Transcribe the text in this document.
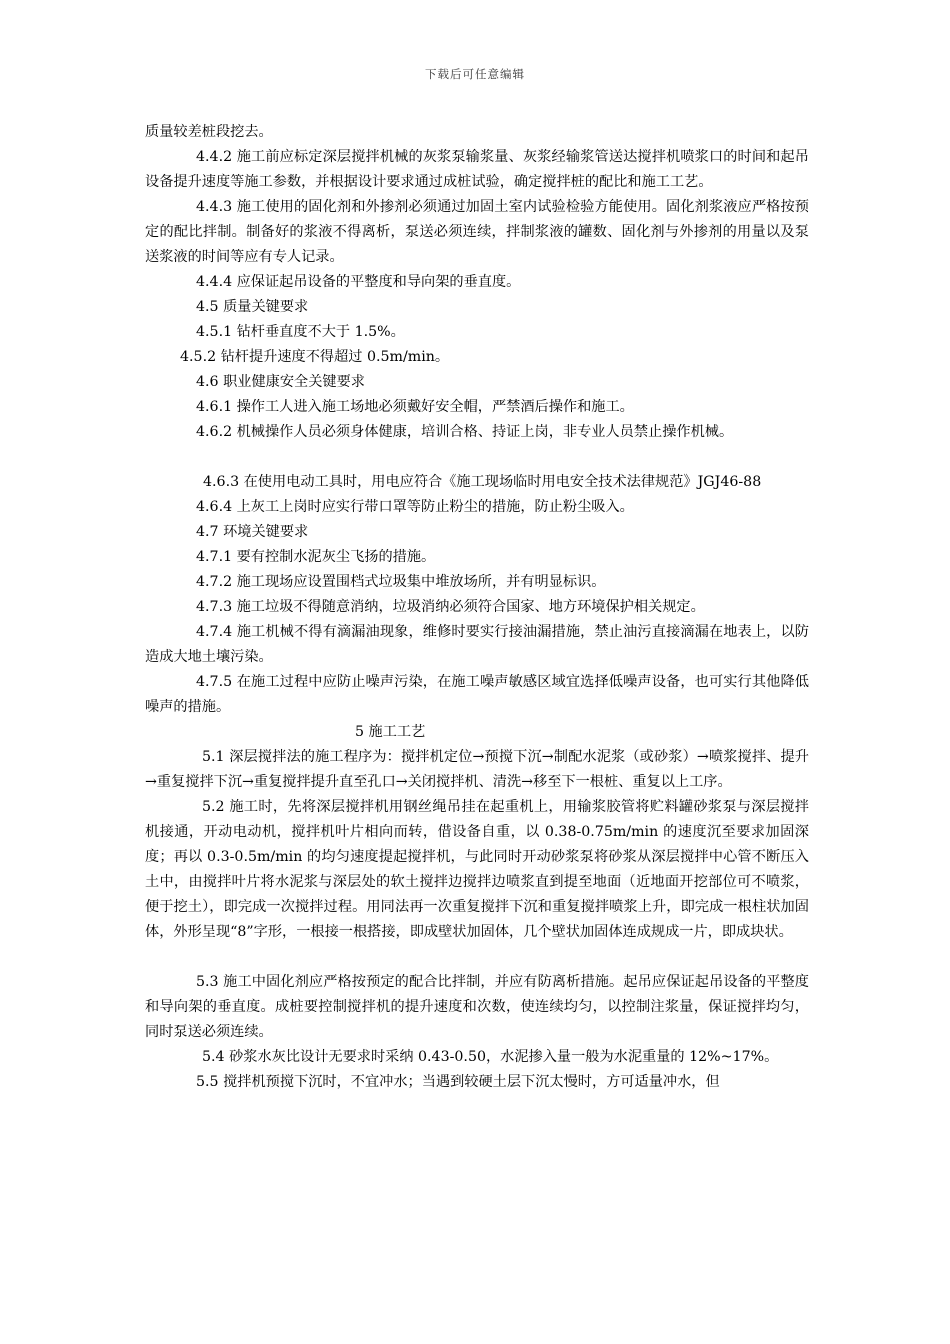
下载后可任意编辑

质量较差桩段挖去。

4.4.2 施工前应标定深层搅拌机械的灰浆泵输浆量、灰浆经输浆管送达搅拌机喷浆口的时间和起吊设备提升速度等施工参数，并根据设计要求通过成桩试验，确定搅拌桩的配比和施工工艺。

4.4.3 施工使用的固化剂和外掺剂必须通过加固土室内试验检验方能使用。固化剂浆液应严格按预定的配比拌制。制备好的浆液不得离析，泵送必须连续，拌制浆液的罐数、固化剂与外掺剂的用量以及泵送浆液的时间等应有专人记录。

4.4.4 应保证起吊设备的平整度和导向架的垂直度。

4.5 质量关键要求

4.5.1 钻杆垂直度不大于 1.5%。

4.5.2 钻杆提升速度不得超过 0.5m/min。

4.6 职业健康安全关键要求

4.6.1 操作工人进入施工场地必须戴好安全帽，严禁酒后操作和施工。

4.6.2 机械操作人员必须身体健康，培训合格、持证上岗，非专业人员禁止操作机械。

4.6.3 在使用电动工具时，用电应符合《施工现场临时用电安全技术法律规范》JGJ46-88

4.6.4 上灰工上岗时应实行带口罩等防止粉尘的措施，防止粉尘吸入。

4.7 环境关键要求

4.7.1 要有控制水泥灰尘飞扬的措施。

4.7.2 施工现场应设置围档式垃圾集中堆放场所，并有明显标识。

4.7.3 施工垃圾不得随意消纳，垃圾消纳必须符合国家、地方环境保护相关规定。

4.7.4 施工机械不得有滴漏油现象，维修时要实行接油漏措施，禁止油污直接滴漏在地表上，以防造成大地土壤污染。

4.7.5 在施工过程中应防止噪声污染，在施工噪声敏感区域宜选择低噪声设备，也可实行其他降低噪声的措施。

5 施工工艺

5.1 深层搅拌法的施工程序为：搅拌机定位→预搅下沉→制配水泥浆（或砂浆）→喷浆搅拌、提升→重复搅拌下沉→重复搅拌提升直至孔口→关闭搅拌机、清洗→移至下一根桩、重复以上工序。

5.2 施工时，先将深层搅拌机用钢丝绳吊挂在起重机上，用输浆胶管将贮料罐砂浆泵与深层搅拌机接通，开动电动机，搅拌机叶片相向而转，借设备自重，以 0.38-0.75m/min 的速度沉至要求加固深度；再以 0.3-0.5m/min 的均匀速度提起搅拌机，与此同时开动砂浆泵将砂浆从深层搅拌中心管不断压入土中，由搅拌叶片将水泥浆与深层处的软土搅拌边搅拌边喷浆直到提至地面（近地面开挖部位可不喷浆，便于挖土），即完成一次搅拌过程。用同法再一次重复搅拌下沉和重复搅拌喷浆上升，即完成一根柱状加固体，外形呈现“8”字形，一根接一根搭接，即成壁状加固体，几个壁状加固体连成规成一片，即成块状。

5.3 施工中固化剂应严格按预定的配合比拌制，并应有防离析措施。起吊应保证起吊设备的平整度和导向架的垂直度。成桩要控制搅拌机的提升速度和次数，使连续均匀，以控制注浆量，保证搅拌均匀，同时泵送必须连续。

5.4 砂浆水灰比设计无要求时采纳 0.43-0.50，水泥掺入量一般为水泥重量的 12%~17%。

5.5 搅拌机预搅下沉时，不宜冲水；当遇到较硬土层下沉太慢时，方可适量冲水，但
